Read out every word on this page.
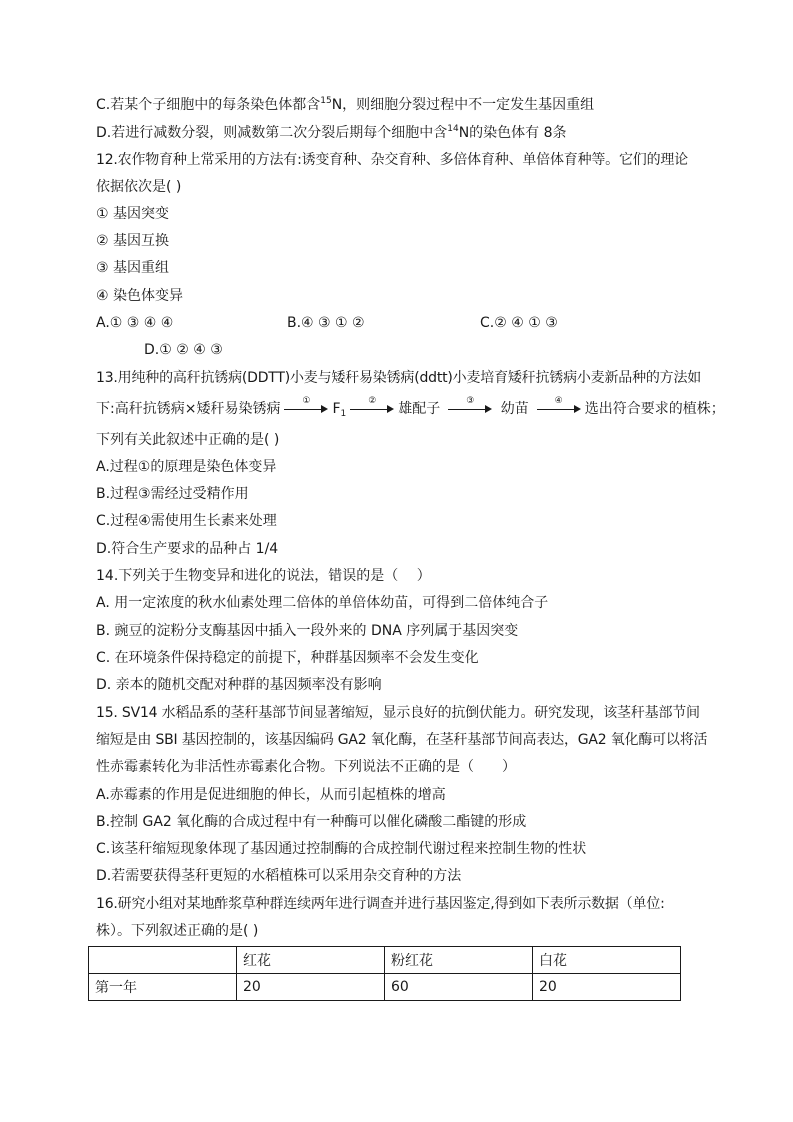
C.若某个子细胞中的每条染色体都含$^{15}$N，则细胞分裂过程中不一定发生基因重组
D.若进行减数分裂，则减数第二次分裂后期每个细胞中含$^{14}$N的染色体有 8条
12.农作物育种上常采用的方法有:诱变育种、杂交育种、多倍体育种、单倍体育种等。它们的理论
依据依次是( )
① 基因突变
② 基因互换
③ 基因重组
④ 染色体变异
A.① ③ ④ ④	B.④ ③ ① ②	C.② ④ ① ③
D.① ② ④ ③
13.用纯种的高秆抗锈病(DDTT)小麦与矮秆易染锈病(ddtt)小麦培育矮秆抗锈病小麦新品种的方法如
下:高秆抗锈病×矮秆易染锈病 ① $F_1$
② 雄配子	③ 幼苗	④ 选出符合要求的植株；
下列有关此叙述中正确的是( )
A.过程①的原理是染色体变异
B.过程③需经过受精作用
C.过程④需使用生长素来处理
D.符合生产要求的品种占 1/4
14.下列关于生物变异和进化的说法，错误的是（　 ）
A. 用一定浓度的秋水仙素处理二倍体的单倍体幼苗，可得到二倍体纯合子
B. 豌豆的淀粉分支酶基因中插入一段外来的 DNA 序列属于基因突变
C. 在环境条件保持稳定的前提下，种群基因频率不会发生变化
D. 亲本的随机交配对种群的基因频率没有影响
15. SV14 水稻品系的茎秆基部节间显著缩短，显示良好的抗倒伏能力。研究发现，该茎秆基部节间
缩短是由 SBI 基因控制的，该基因编码 GA2 氧化酶，在茎秆基部节间高表达，GA2 氧化酶可以将活
性赤霉素转化为非活性赤霉素化合物。下列说法不正确的是（　　）
A.赤霉素的作用是促进细胞的伸长，从而引起植株的增高
B.控制 GA2 氧化酶的合成过程中有一种酶可以催化磷酸二酯键的形成
C.该茎秆缩短现象体现了基因通过控制酶的合成控制代谢过程来控制生物的性状
D.若需要获得茎秆更短的水稻植株可以采用杂交育种的方法
16.研究小组对某地酢浆草种群连续两年进行调查并进行基因鉴定,得到如下表所示数据（单位:
株）。下列叙述正确的是( )
	红花	粉红花	白花
第一年	20	60	20
